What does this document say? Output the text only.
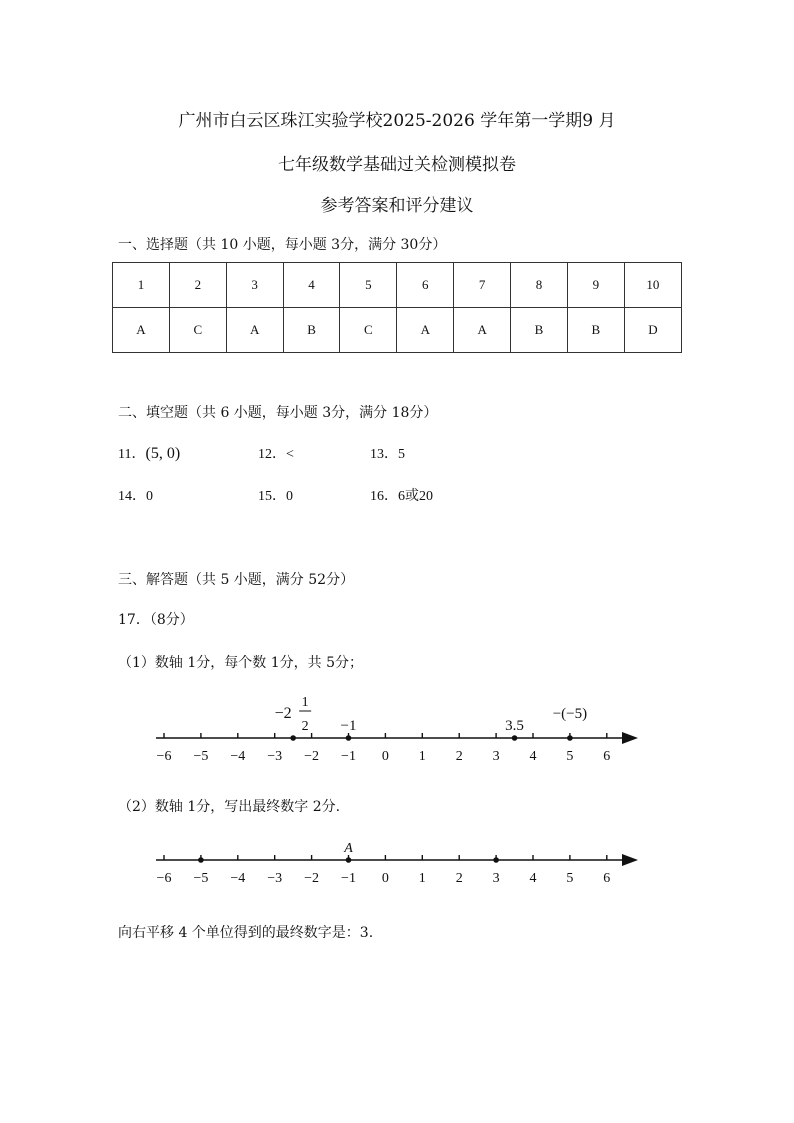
广州市白云区珠江实验学校2025-2026 学年第一学期9 月
七年级数学基础过关检测模拟卷
参考答案和评分建议
一、选择题（共 10 小题，每小题 3分，满分 30分）
1	2	3	4	5	6	7	8	9	10
A	C	A	B	C	A	A	B	B	D
二、填空题（共 6 小题，每小题 3分，满分 18分）
11．(5, 0)	12．<	13．5
14．0	15．0	16．6或20
三、解答题（共 5 小题，满分 52分）
17．（8分）
（1）数轴 1分，每个数 1分，共 5分；
−6 −5 −4 −3 −2 −1 0 1 2 3 4 5 6
−2
1
2 −1	3.5
−(−5)
（2）数轴 1分，写出最终数字 2分.
−6 −5 −4 −3 −2 −1 0 1 2 3 4 5 6
A
向右平移 4 个单位得到的最终数字是：3.
